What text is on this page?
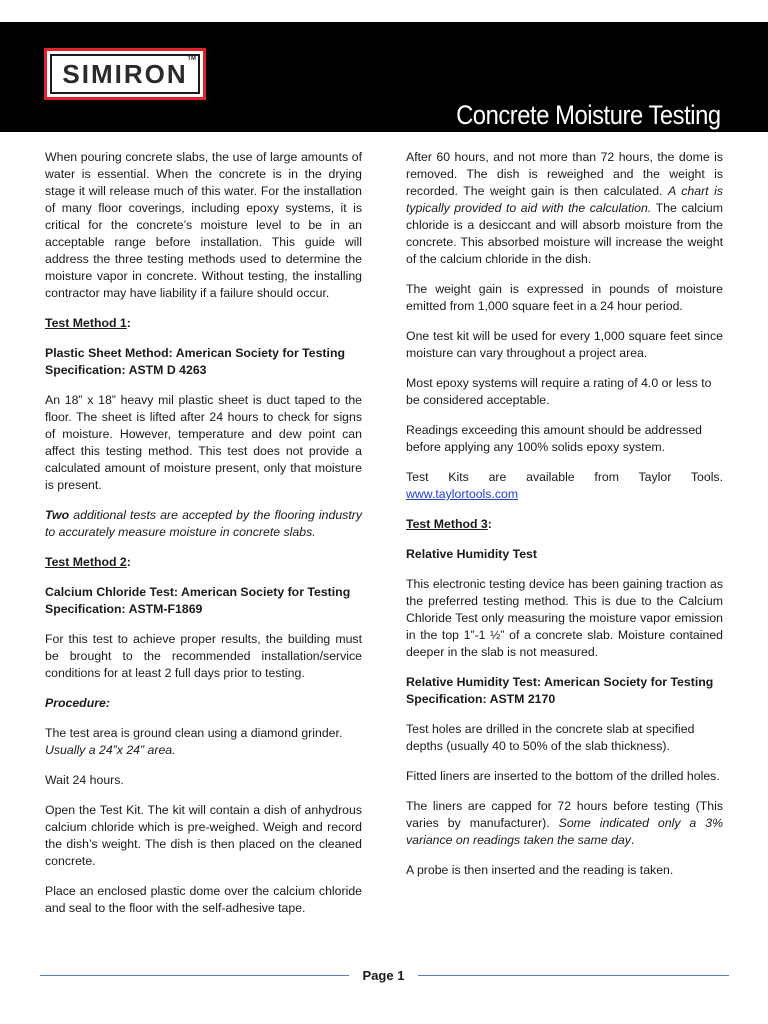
SIMIRON TM
Concrete Moisture Testing

When pouring concrete slabs, the use of large amounts of water is essential. When the concrete is in the drying stage it will release much of this water. For the installation of many floor coverings, including epoxy systems, it is critical for the concrete’s moisture level to be in an acceptable range before installation. This guide will address the three testing methods used to determine the moisture vapor in concrete. Without testing, the installing contractor may have liability if a failure should occur.

Test Method 1:

Plastic Sheet Method: American Society for Testing Specification: ASTM D 4263

An 18” x 18” heavy mil plastic sheet is duct taped to the floor. The sheet is lifted after 24 hours to check for signs of moisture. However, temperature and dew point can affect this testing method. This test does not provide a calculated amount of moisture present, only that moisture is present.

Two additional tests are accepted by the flooring industry to accurately measure moisture in concrete slabs.

Test Method 2:

Calcium Chloride Test: American Society for Testing Specification: ASTM-F1869

For this test to achieve proper results, the building must be brought to the recommended installation/service conditions for at least 2 full days prior to testing.

Procedure:

The test area is ground clean using a diamond grinder. Usually a 24”x 24” area.

Wait 24 hours.

Open the Test Kit. The kit will contain a dish of anhydrous calcium chloride which is pre-weighed. Weigh and record the dish’s weight. The dish is then placed on the cleaned concrete.

Place an enclosed plastic dome over the calcium chloride and seal to the floor with the self-adhesive tape.

After 60 hours, and not more than 72 hours, the dome is removed. The dish is reweighed and the weight is recorded. The weight gain is then calculated. A chart is typically provided to aid with the calculation. The calcium chloride is a desiccant and will absorb moisture from the concrete. This absorbed moisture will increase the weight of the calcium chloride in the dish.

The weight gain is expressed in pounds of moisture emitted from 1,000 square feet in a 24 hour period.

One test kit will be used for every 1,000 square feet since moisture can vary throughout a project area.

Most epoxy systems will require a rating of 4.0 or less to be considered acceptable.

Readings exceeding this amount should be addressed before applying any 100% solids epoxy system.

Test Kits are available from Taylor Tools.
www.taylortools.com

Test Method 3:

Relative Humidity Test

This electronic testing device has been gaining traction as the preferred testing method. This is due to the Calcium Chloride Test only measuring the moisture vapor emission in the top 1”-1 ½” of a concrete slab. Moisture contained deeper in the slab is not measured.

Relative Humidity Test: American Society for Testing Specification: ASTM 2170

Test holes are drilled in the concrete slab at specified depths (usually 40 to 50% of the slab thickness).

Fitted liners are inserted to the bottom of the drilled holes.

The liners are capped for 72 hours before testing (This varies by manufacturer). Some indicated only a 3% variance on readings taken the same day.

A probe is then inserted and the reading is taken.

Page 1
